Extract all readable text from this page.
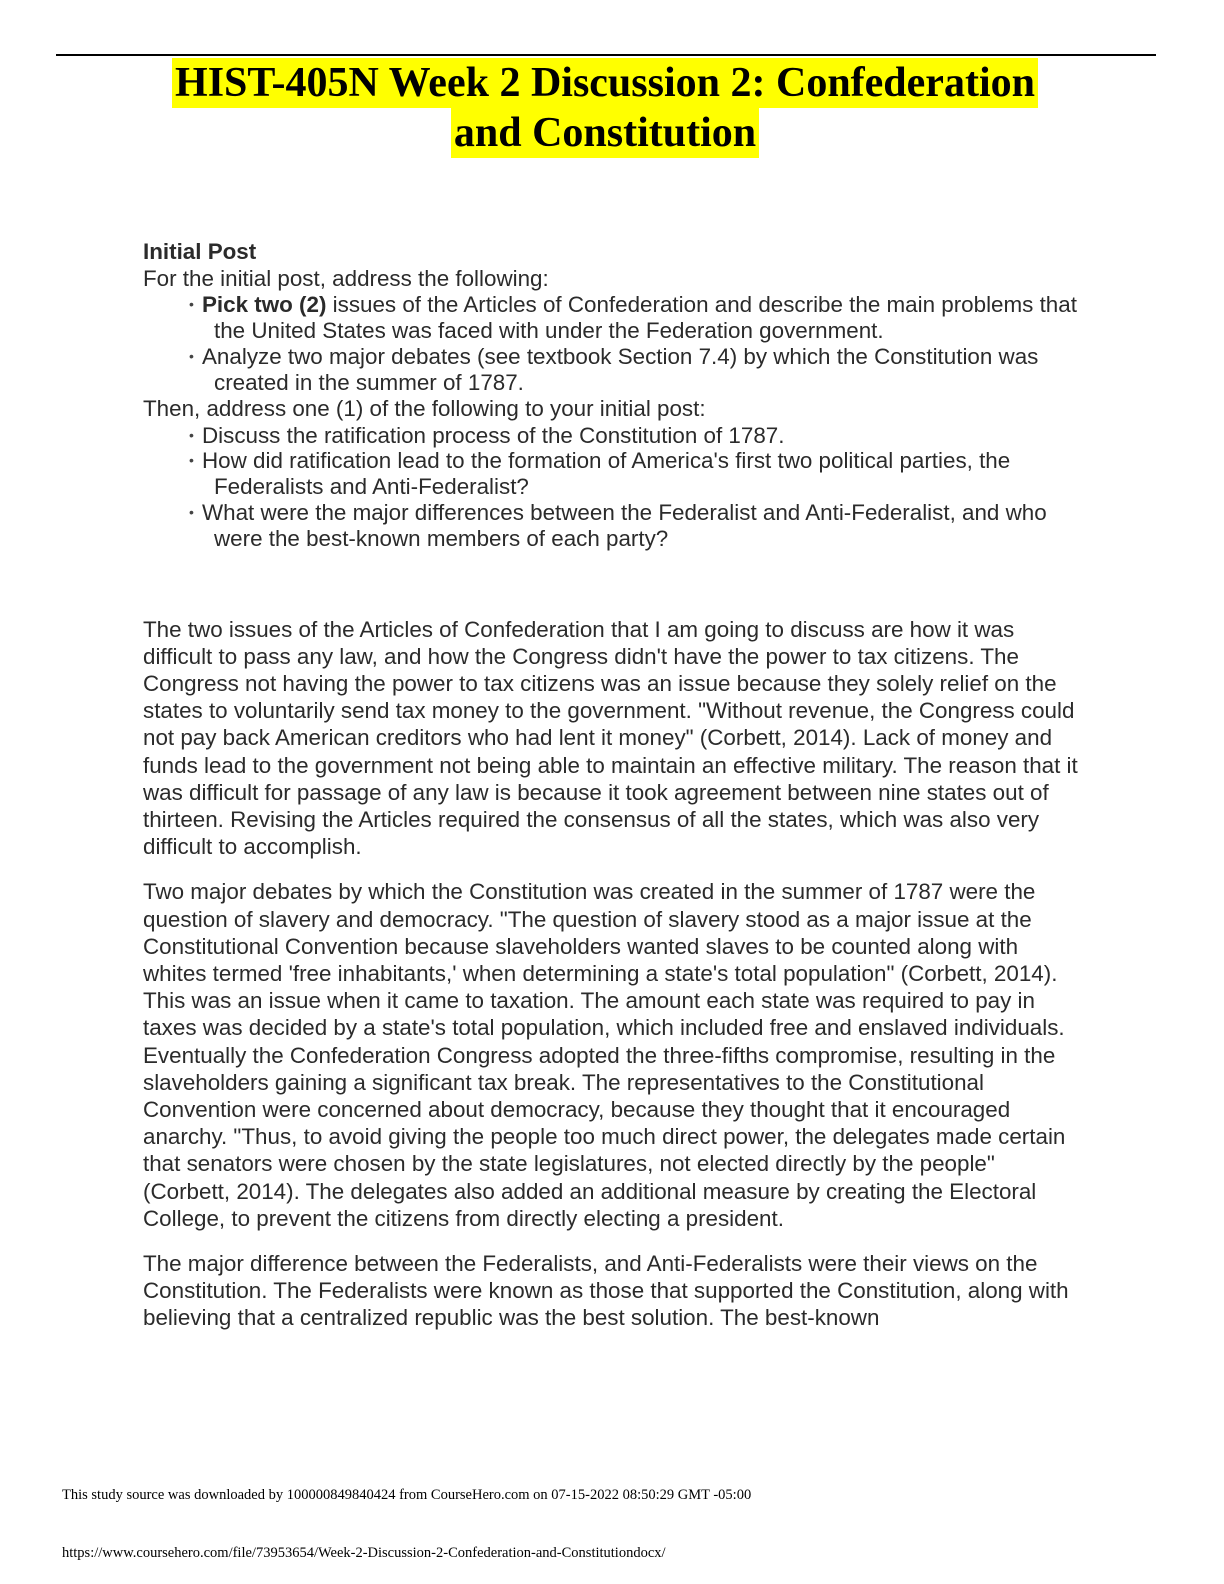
HIST-405N Week 2 Discussion 2: Confederation
and Constitution
Initial Post

For the initial post, address the following:

• Pick two (2) issues of the Articles of Confederation and describe the main problems that the United States was faced with under the Federation government.
• Analyze two major debates (see textbook Section 7.4) by which the Constitution was created in the summer of 1787.

Then, address one (1) of the following to your initial post:

• Discuss the ratification process of the Constitution of 1787.
• How did ratification lead to the formation of America's first two political parties, the Federalists and Anti-Federalist?
• What were the major differences between the Federalist and Anti-Federalist, and who were the best-known members of each party?

The two issues of the Articles of Confederation that I am going to discuss are how it was difficult to pass any law, and how the Congress didn't have the power to tax citizens. The Congress not having the power to tax citizens was an issue because they solely relief on the states to voluntarily send tax money to the government. "Without revenue, the Congress could not pay back American creditors who had lent it money" (Corbett, 2014). Lack of money and funds lead to the government not being able to maintain an effective military. The reason that it was difficult for passage of any law is because it took agreement between nine states out of thirteen. Revising the Articles required the consensus of all the states, which was also very difficult to accomplish.

Two major debates by which the Constitution was created in the summer of 1787 were the question of slavery and democracy. "The question of slavery stood as a major issue at the Constitutional Convention because slaveholders wanted slaves to be counted along with whites termed 'free inhabitants,' when determining a state's total population" (Corbett, 2014). This was an issue when it came to taxation. The amount each state was required to pay in taxes was decided by a state's total population, which included free and enslaved individuals. Eventually the Confederation Congress adopted the three-fifths compromise, resulting in the slaveholders gaining a significant tax break. The representatives to the Constitutional Convention were concerned about democracy, because they thought that it encouraged anarchy. "Thus, to avoid giving the people too much direct power, the delegates made certain that senators were chosen by the state legislatures, not elected directly by the people" (Corbett, 2014). The delegates also added an additional measure by creating the Electoral College, to prevent the citizens from directly electing a president.

The major difference between the Federalists, and Anti-Federalists were their views on the Constitution. The Federalists were known as those that supported the Constitution, along with believing that a centralized republic was the best solution. The best-known

This study source was downloaded by 100000849840424 from CourseHero.com on 07-15-2022 08:50:29 GMT -05:00
https://www.coursehero.com/file/73953654/Week-2-Discussion-2-Confederation-and-Constitutiondocx/
